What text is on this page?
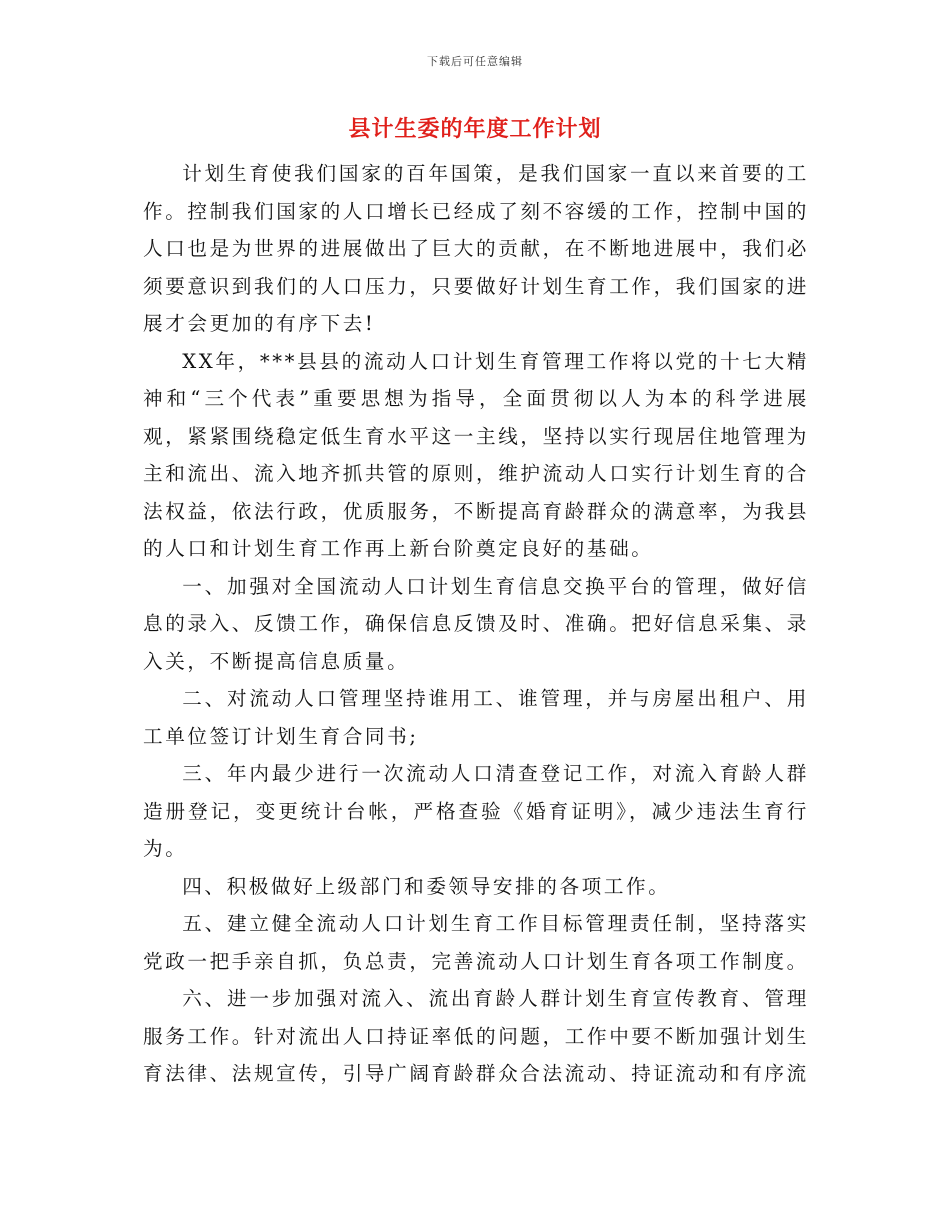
下载后可任意编辑
县计生委的年度工作计划

计划生育使我们国家的百年国策，是我们国家一直以来首要的工作。控制我们国家的人口增长已经成了刻不容缓的工作，控制中国的人口也是为世界的进展做出了巨大的贡献，在不断地进展中，我们必须要意识到我们的人口压力，只要做好计划生育工作，我们国家的进展才会更加的有序下去!

XX年，***县县的流动人口计划生育管理工作将以党的十七大精神和“三个代表”重要思想为指导，全面贯彻以人为本的科学进展观，紧紧围绕稳定低生育水平这一主线，坚持以实行现居住地管理为主和流出、流入地齐抓共管的原则，维护流动人口实行计划生育的合法权益，依法行政，优质服务，不断提高育龄群众的满意率，为我县的人口和计划生育工作再上新台阶奠定良好的基础。

一、加强对全国流动人口计划生育信息交换平台的管理，做好信息的录入、反馈工作，确保信息反馈及时、准确。把好信息采集、录入关，不断提高信息质量。

二、对流动人口管理坚持谁用工、谁管理，并与房屋出租户、用工单位签订计划生育合同书;

三、年内最少进行一次流动人口清查登记工作，对流入育龄人群造册登记，变更统计台帐，严格查验《婚育证明》，减少违法生育行为。

四、积极做好上级部门和委领导安排的各项工作。

五、建立健全流动人口计划生育工作目标管理责任制，坚持落实党政一把手亲自抓，负总责，完善流动人口计划生育各项工作制度。

六、进一步加强对流入、流出育龄人群计划生育宣传教育、管理服务工作。针对流出人口持证率低的问题，工作中要不断加强计划生育法律、法规宣传，引导广阔育龄群众合法流动、持证流动和有序流
